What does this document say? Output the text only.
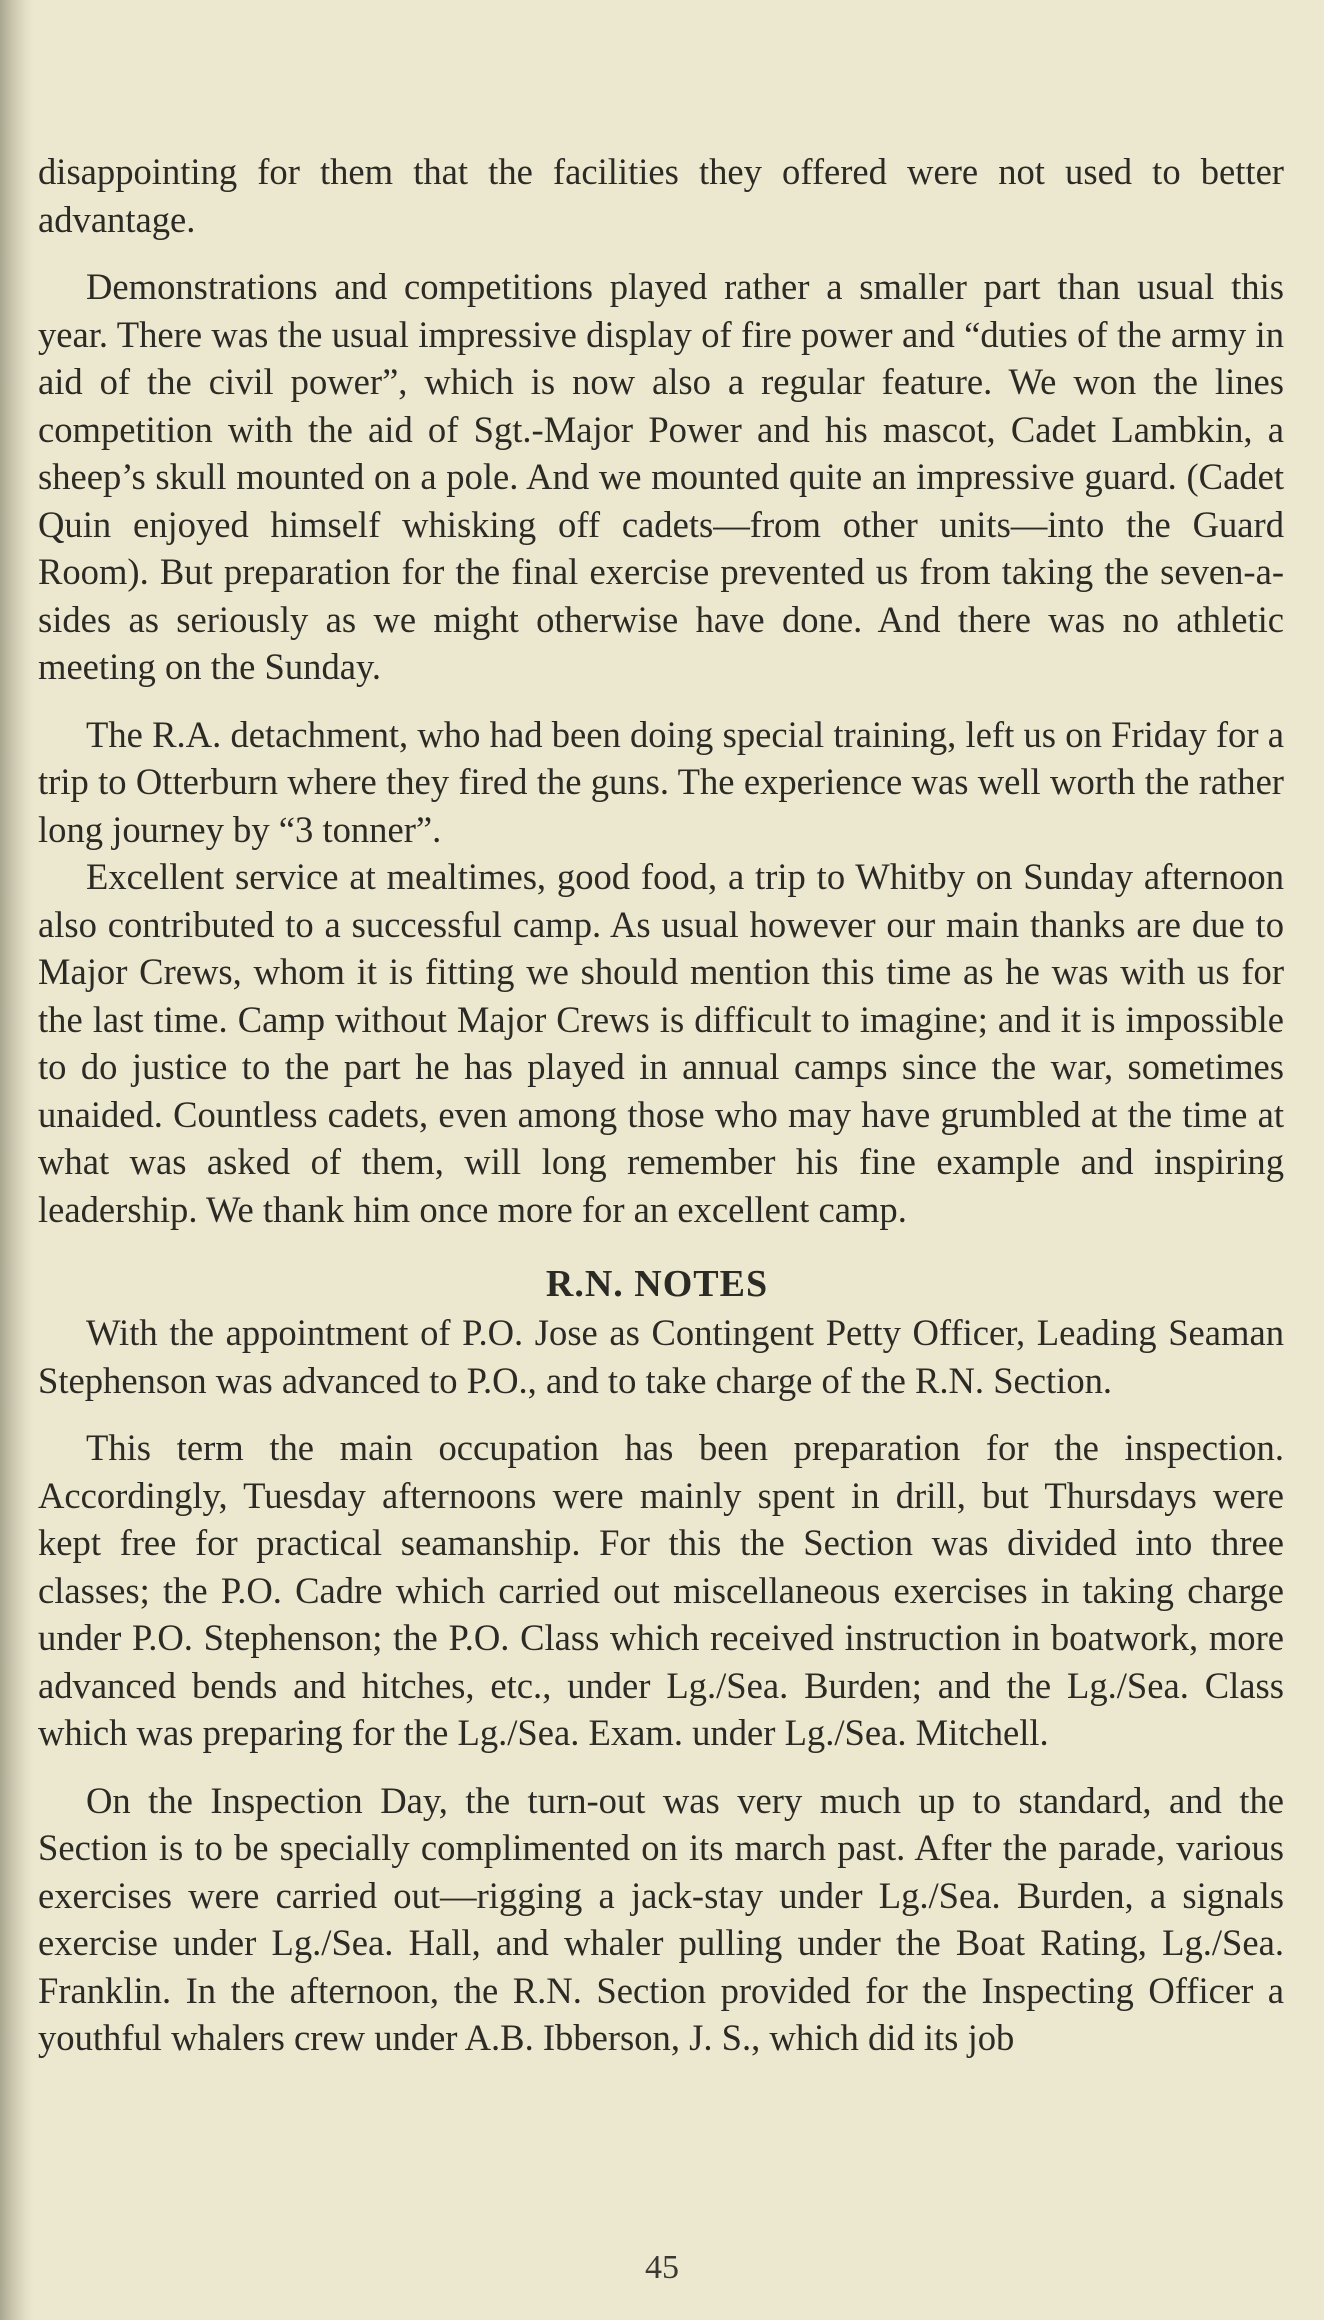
disappointing for them that the facilities they offered were not used to better advantage.

Demonstrations and competitions played rather a smaller part than usual this year. There was the usual impressive display of fire power and “duties of the army in aid of the civil power”, which is now also a regular feature. We won the lines competition with the aid of Sgt.-Major Power and his mascot, Cadet Lambkin, a sheep’s skull mounted on a pole. And we mounted quite an impressive guard. (Cadet Quin enjoyed himself whisking off cadets—from other units—into the Guard Room). But preparation for the final exercise prevented us from taking the seven-a-sides as seriously as we might otherwise have done. And there was no athletic meeting on the Sunday.

The R.A. detachment, who had been doing special training, left us on Friday for a trip to Otterburn where they fired the guns. The experience was well worth the rather long journey by “3 tonner”.

Excellent service at mealtimes, good food, a trip to Whitby on Sunday afternoon also contributed to a successful camp. As usual however our main thanks are due to Major Crews, whom it is fitting we should mention this time as he was with us for the last time. Camp without Major Crews is difficult to imagine; and it is impossible to do justice to the part he has played in annual camps since the war, sometimes unaided. Countless cadets, even among those who may have grumbled at the time at what was asked of them, will long remember his fine example and inspiring leadership. We thank him once more for an excellent camp.

R.N. NOTES

With the appointment of P.O. Jose as Contingent Petty Officer, Leading Seaman Stephenson was advanced to P.O., and to take charge of the R.N. Section.

This term the main occupation has been preparation for the inspection. Accordingly, Tuesday afternoons were mainly spent in drill, but Thursdays were kept free for practical seamanship. For this the Section was divided into three classes; the P.O. Cadre which carried out miscellaneous exercises in taking charge under P.O. Stephenson; the P.O. Class which received instruction in boatwork, more advanced bends and hitches, etc., under Lg./Sea. Burden; and the Lg./Sea. Class which was preparing for the Lg./Sea. Exam. under Lg./Sea. Mitchell.

On the Inspection Day, the turn-out was very much up to standard, and the Section is to be specially complimented on its march past. After the parade, various exercises were carried out—rigging a jack-stay under Lg./Sea. Burden, a signals exercise under Lg./Sea. Hall, and whaler pulling under the Boat Rating, Lg./Sea. Franklin. In the afternoon, the R.N. Section provided for the Inspecting Officer a youthful whalers crew under A.B. Ibberson, J. S., which did its job

45
